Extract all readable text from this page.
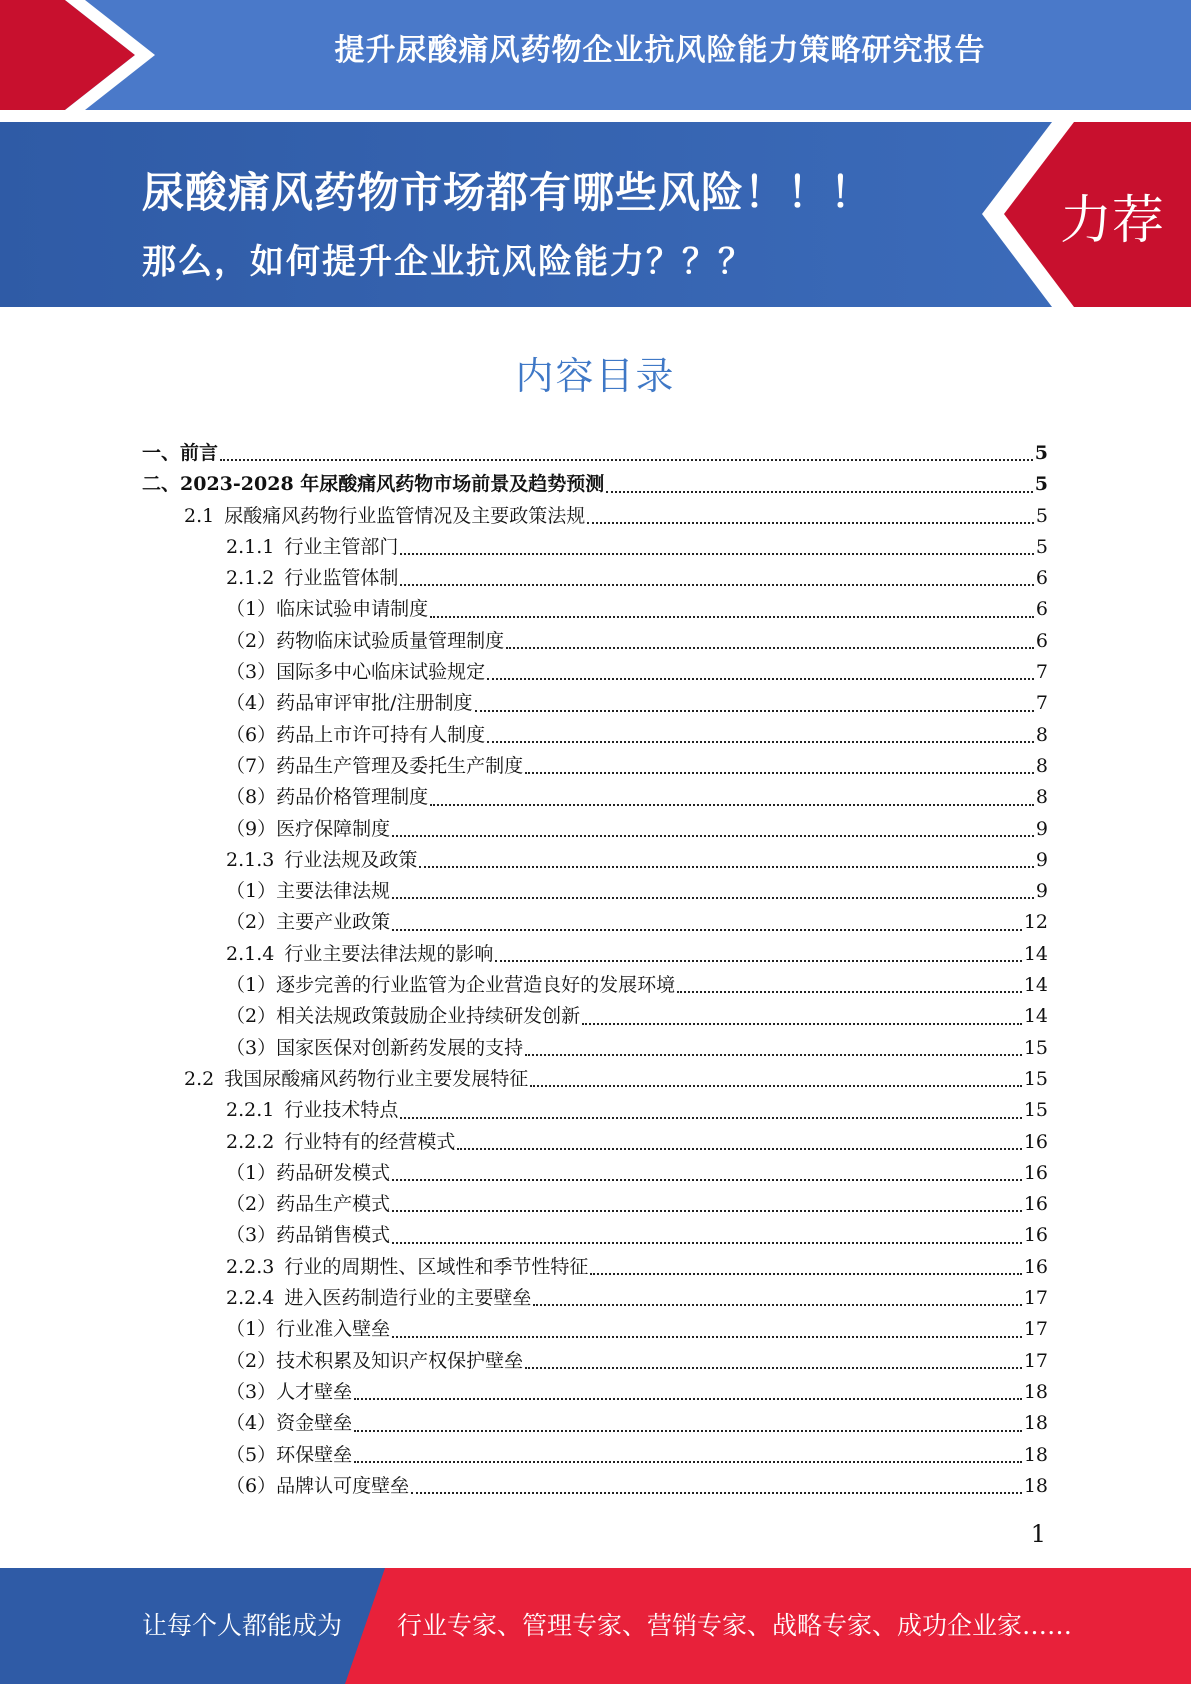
提升尿酸痛风药物企业抗风险能力策略研究报告
尿酸痛风药物市场都有哪些风险！！！
那么，如何提升企业抗风险能力？？？
力荐
内容目录
一、 前言	5
二、 2023-2028 年尿酸痛风药物市场前景及趋势预测	5
2.1 尿酸痛风药物行业监管情况及主要政策法规	5
2.1.1 行业主管部门	5
2.1.2 行业监管体制	6
（1） 临床试验申请制度	6
（2） 药物临床试验质量管理制度	6
（3） 国际多中心临床试验规定	7
（4） 药品审评审批/注册制度	7
（6） 药品上市许可持有人制度	8
（7） 药品生产管理及委托生产制度	8
（8） 药品价格管理制度	8
（9） 医疗保障制度	9
2.1.3 行业法规及政策	9
（1） 主要法律法规	9
（2） 主要产业政策	12
2.1.4 行业主要法律法规的影响	14
（1） 逐步完善的行业监管为企业营造良好的发展环境	14
（2） 相关法规政策鼓励企业持续研发创新	14
（3） 国家医保对创新药发展的支持	15
2.2 我国尿酸痛风药物行业主要发展特征	15
2.2.1 行业技术特点	15
2.2.2 行业特有的经营模式	16
（1） 药品研发模式	16
（2） 药品生产模式	16
（3） 药品销售模式	16
2.2.3 行业的周期性、区域性和季节性特征	16
2.2.4 进入医药制造行业的主要壁垒	17
（1） 行业准入壁垒	17
（2） 技术积累及知识产权保护壁垒	17
（3） 人才壁垒	18
（4） 资金壁垒	18
（5） 环保壁垒	18
（6） 品牌认可度壁垒	18
1
让每个人都能成为 行业专家、管理专家、营销专家、战略专家、成功企业家……
